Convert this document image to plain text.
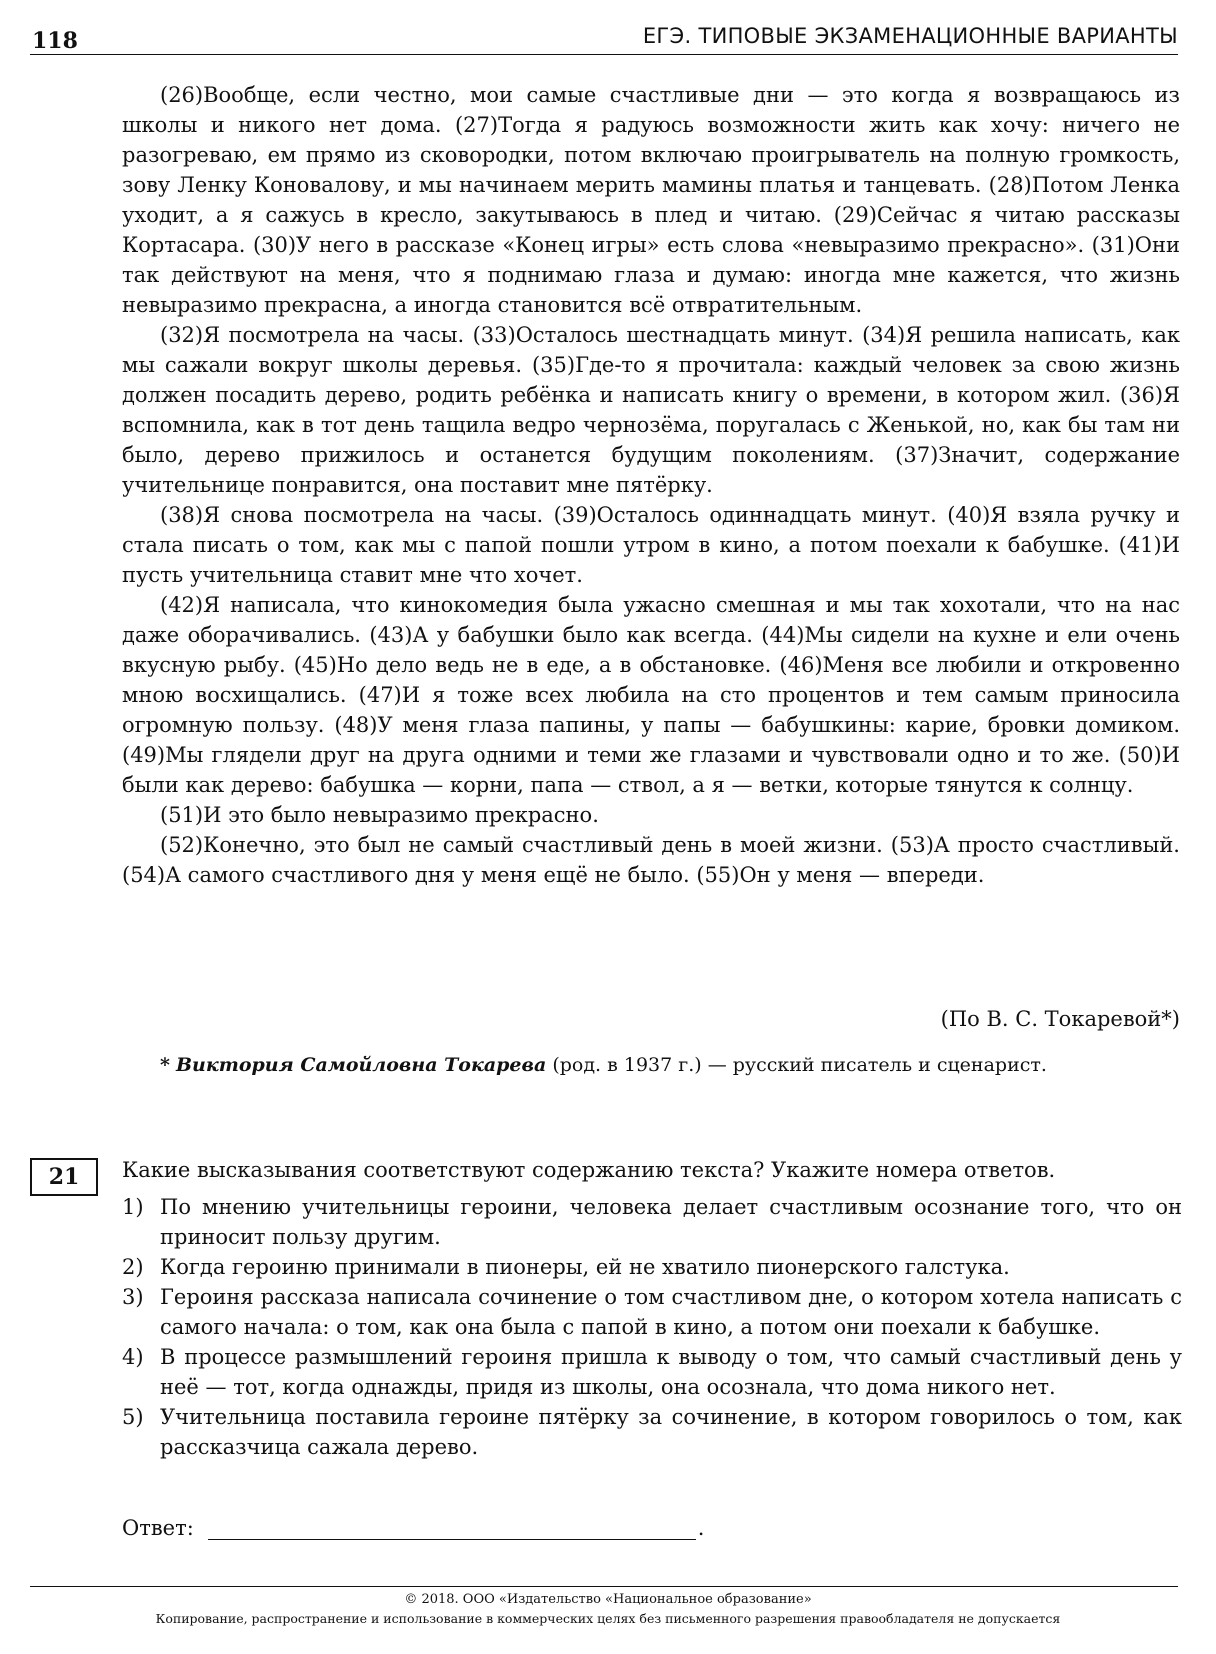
118	ЕГЭ. ТИПОВЫЕ ЭКЗАМЕНАЦИОННЫЕ ВАРИАНТЫ

(26)Вообще, если честно, мои самые счастливые дни — это когда я возвращаюсь из школы и никого нет дома. (27)Тогда я радуюсь возможности жить как хочу: ничего не разогреваю, ем прямо из сковородки, потом включаю проигрыватель на полную громкость, зову Ленку Коновалову, и мы начинаем мерить мамины платья и танцевать. (28)Потом Ленка уходит, а я сажусь в кресло, закутываюсь в плед и читаю. (29)Сейчас я читаю рассказы Кортасара. (30)У него в рассказе «Конец игры» есть слова «невыразимо прекрасно». (31)Они так действуют на меня, что я поднимаю глаза и думаю: иногда мне кажется, что жизнь невыразимо прекрасна, а иногда становится всё отвратительным.

(32)Я посмотрела на часы. (33)Осталось шестнадцать минут. (34)Я решила написать, как мы сажали вокруг школы деревья. (35)Где-то я прочитала: каждый человек за свою жизнь должен посадить дерево, родить ребёнка и написать книгу о времени, в котором жил. (36)Я вспомнила, как в тот день тащила ведро чернозёма, поругалась с Женькой, но, как бы там ни было, дерево прижилось и останется будущим поколениям. (37)Значит, содержание учительнице понравится, она поставит мне пятёрку.

(38)Я снова посмотрела на часы. (39)Осталось одиннадцать минут. (40)Я взяла ручку и стала писать о том, как мы с папой пошли утром в кино, а потом поехали к бабушке. (41)И пусть учительница ставит мне что хочет.

(42)Я написала, что кинокомедия была ужасно смешная и мы так хохотали, что на нас даже оборачивались. (43)А у бабушки было как всегда. (44)Мы сидели на кухне и ели очень вкусную рыбу. (45)Но дело ведь не в еде, а в обстановке. (46)Меня все любили и откровенно мною восхищались. (47)И я тоже всех любила на сто процентов и тем самым приносила огромную пользу. (48)У меня глаза папины, у папы — бабушкины: карие, бровки домиком. (49)Мы глядели друг на друга одними и теми же глазами и чувствовали одно и то же. (50)И были как дерево: бабушка — корни, папа — ствол, а я — ветки, которые тянутся к солнцу.

(51)И это было невыразимо прекрасно.

(52)Конечно, это был не самый счастливый день в моей жизни. (53)А просто счастливый. (54)А самого счастливого дня у меня ещё не было. (55)Он у меня — впереди.

(По В. С. Токаревой*)
* Виктория Самойловна Токарева (род. в 1937 г.) — русский писатель и сценарист.
21 Какие высказывания соответствуют содержанию текста? Укажите номера ответов.
1) По мнению учительницы героини, человека делает счастливым осознание того, что он приносит пользу другим.
2) Когда героиню принимали в пионеры, ей не хватило пионерского галстука.
3) Героиня рассказа написала сочинение о том счастливом дне, о котором хотела написать с самого начала: о том, как она была с папой в кино, а потом они поехали к бабушке.
4) В процессе размышлений героиня пришла к выводу о том, что самый счастливый день у неё — тот, когда однажды, придя из школы, она осознала, что дома никого нет.
5) Учительница поставила героине пятёрку за сочинение, в котором говорилось о том, как рассказчица сажала дерево.
Ответ:	.
© 2018. ООО «Издательство «Национальное образование»
Копирование, распространение и использование в коммерческих целях без письменного разрешения правообладателя не допускается
